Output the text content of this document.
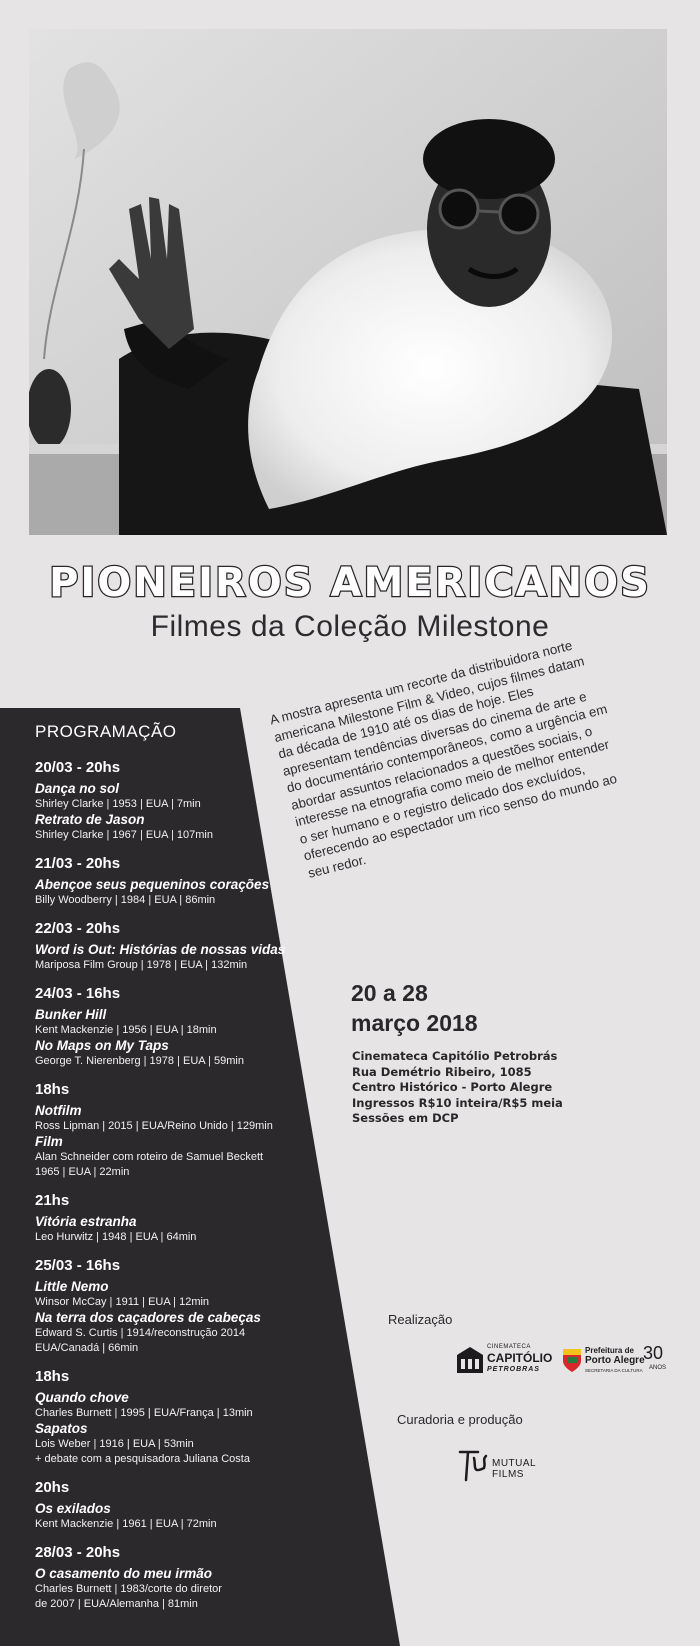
PIONEIROS AMERICANOS
Filmes da Coleção Milestone
PROGRAMAÇÃO
20/03 - 20hs
Dança no sol
Shirley Clarke | 1953 | EUA | 7min
Retrato de Jason
Shirley Clarke | 1967 | EUA | 107min
21/03 - 20hs
Abençoe seus pequeninos corações
Billy Woodberry | 1984 | EUA | 86min
22/03 - 20hs
Word is Out: Histórias de nossas vidas
Mariposa Film Group | 1978 | EUA | 132min
24/03 - 16hs
Bunker Hill
Kent Mackenzie | 1956 | EUA | 18min
No Maps on My Taps
George T. Nierenberg | 1978 | EUA | 59min
18hs
Notfilm
Ross Lipman | 2015 | EUA/Reino Unido | 129min
Film
Alan Schneider com roteiro de Samuel Beckett
1965 | EUA | 22min
21hs
Vitória estranha
Leo Hurwitz | 1948 | EUA | 64min
25/03 - 16hs
Little Nemo
Winsor McCay | 1911 | EUA | 12min
Na terra dos caçadores de cabeças
Edward S. Curtis | 1914/reconstrução 2014
EUA/Canadá | 66min
18hs
Quando chove
Charles Burnett | 1995 | EUA/França | 13min
Sapatos
Lois Weber | 1916 | EUA | 53min
+ debate com a pesquisadora Juliana Costa
20hs
Os exilados
Kent Mackenzie | 1961 | EUA | 72min
28/03 - 20hs
O casamento do meu irmão
Charles Burnett | 1983/corte do diretor
de 2007 | EUA/Alemanha | 81min
A mostra apresenta um recorte da distribuidora norte americana Milestone Film & Video, cujos filmes datam da década de 1910 até os dias de hoje. Eles apresentam tendências diversas do cinema de arte e do documentário contemporâneos, como a urgência em abordar assuntos relacionados a questões sociais, o interesse na etnografia como meio de melhor entender o ser humano e o registro delicado dos excluídos, oferecendo ao espectador um rico senso do mundo ao seu redor.
20 a 28
março 2018
Cinemateca Capitólio Petrobrás
Rua Demétrio Ribeiro, 1085
Centro Histórico - Porto Alegre
Ingressos R$10 inteira/R$5 meia
Sessões em DCP
Realização
CINEMATECA
CAPITÓLIO
PETROBRAS
Prefeitura de
Porto Alegre
SECRETARIA DA CULTURA
30
ANOS
Curadoria e produção
MUTUAL FILMS
